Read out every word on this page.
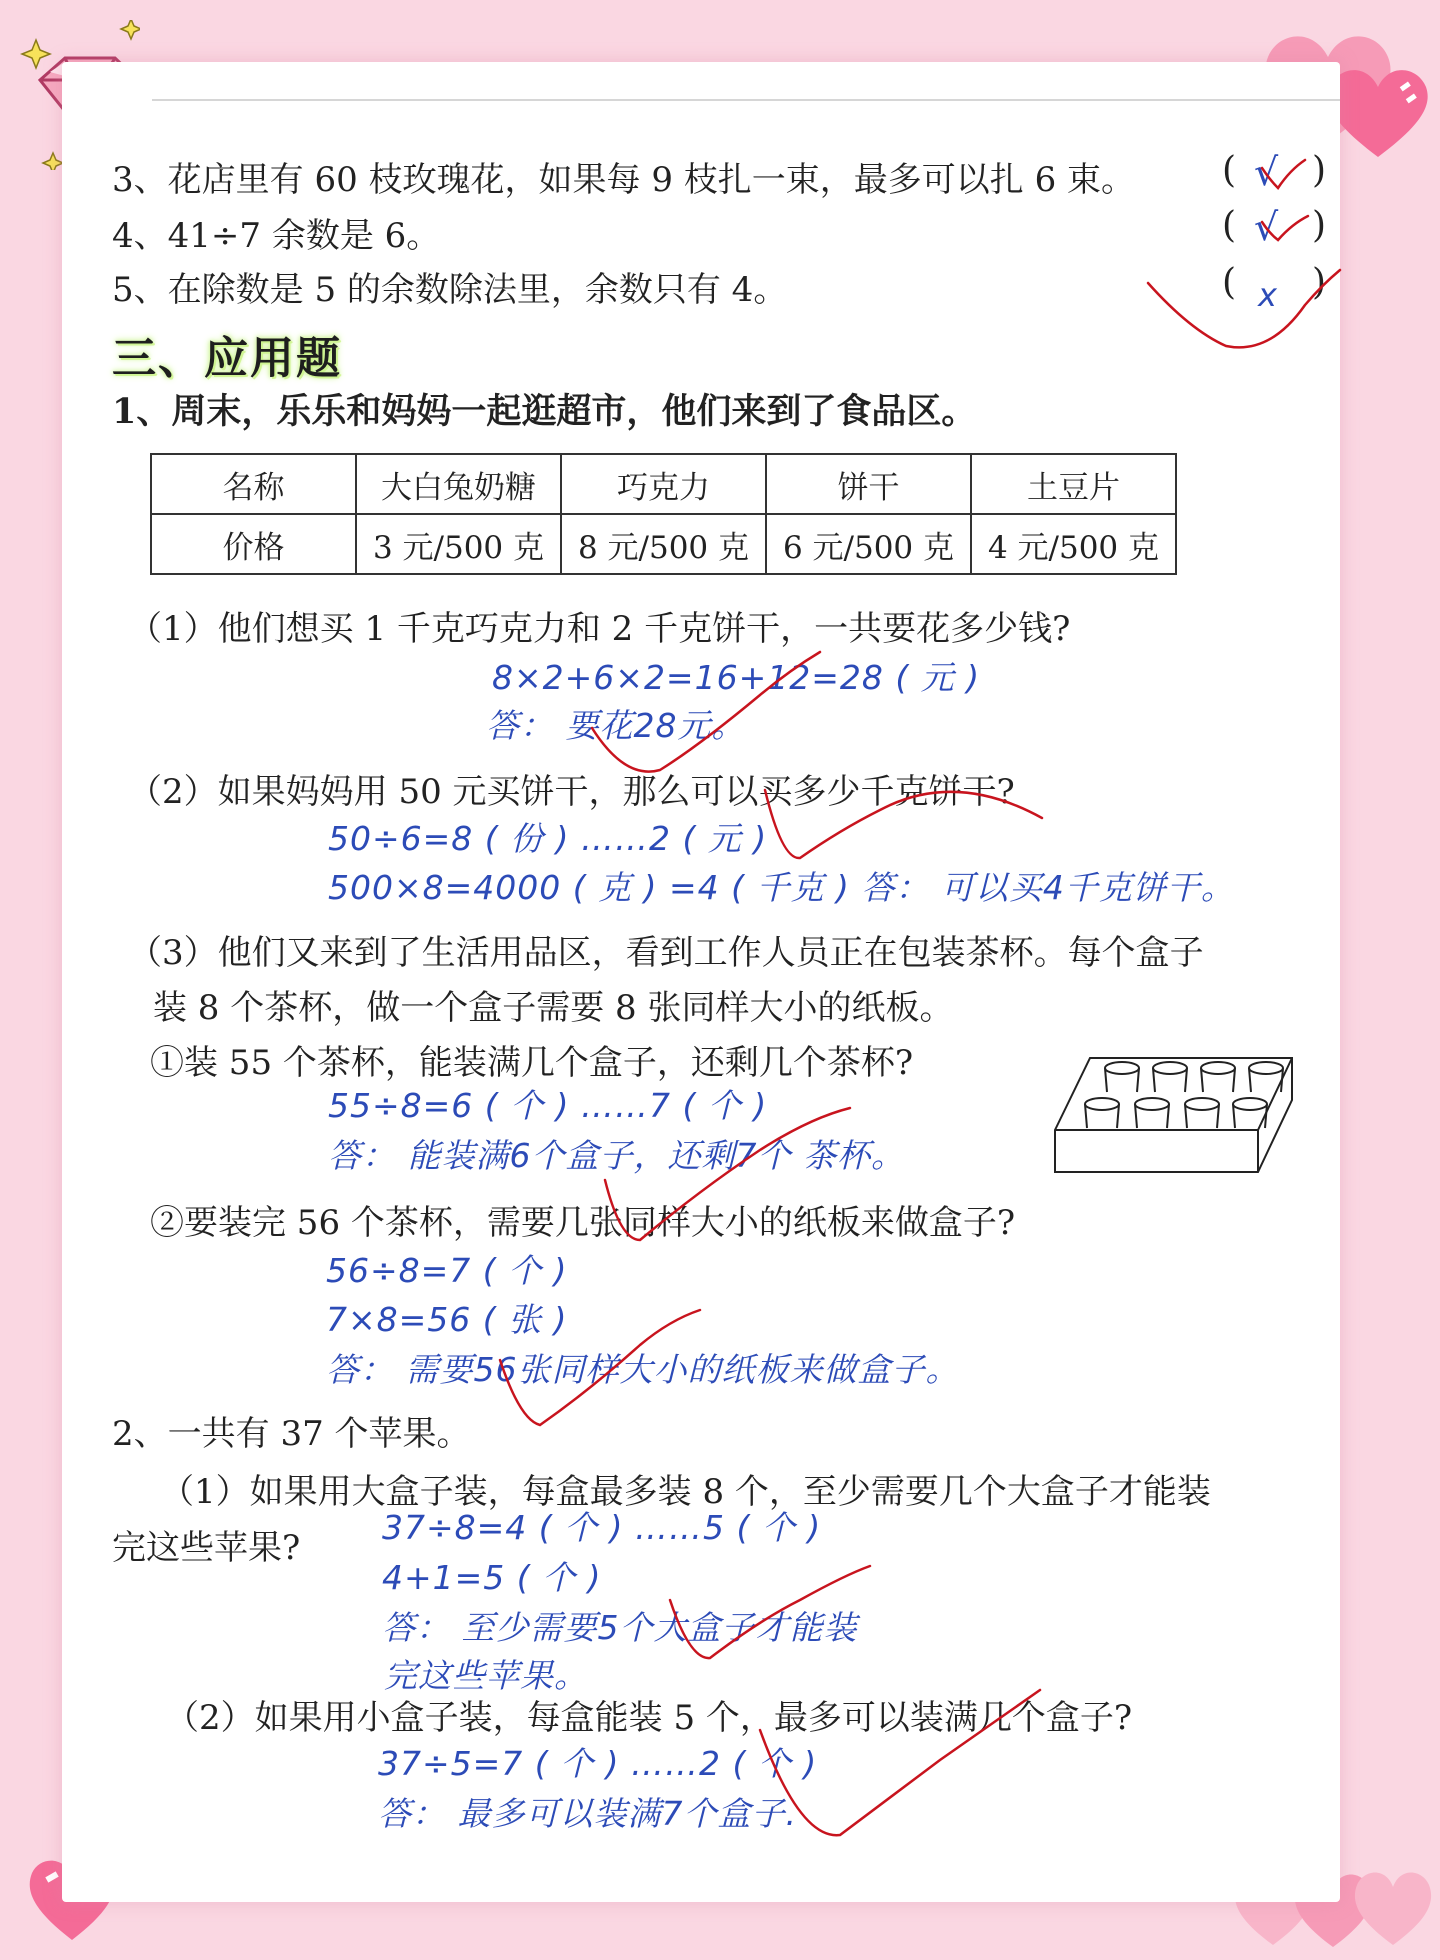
3、花店里有 60 枝玫瑰花，如果每 9 枝扎一束，最多可以扎 6 束。 ( )
√
4、41÷7 余数是 6。	( )
√
5、在除数是 5 的余数除法里，余数只有 4。	( )
x
三、应用题
1、周末，乐乐和妈妈一起逛超市，他们来到了食品区。
名称	大白兔奶糖	巧克力	饼干	土豆片
价格	3 元/500 克	8 元/500 克	6 元/500 克	4 元/500 克
（1）他们想买 1 千克巧克力和 2 千克饼干，一共要花多少钱?
8×2+6×2=16+12=28 ( 元 )
答： 要花28元。
（2）如果妈妈用 50 元买饼干，那么可以买多少千克饼干?
50÷6=8 ( 份 ) ……2 ( 元 )
500×8=4000 ( 克 ) =4 ( 千克 ) 答： 可以买4千克饼干。
（3）他们又来到了生活用品区，看到工作人员正在包装茶杯。每个盒子
装 8 个茶杯，做一个盒子需要 8 张同样大小的纸板。
①装 55 个茶杯，能装满几个盒子，还剩几个茶杯?
55÷8=6 ( 个 ) ……7 ( 个 )
答： 能装满6个盒子，还剩7个 茶杯。
②要装完 56 个茶杯，需要几张同样大小的纸板来做盒子?
56÷8=7 ( 个 )
7×8=56 ( 张 )
答： 需要56张同样大小的纸板来做盒子。
2、一共有 37 个苹果。
（1）如果用大盒子装，每盒最多装 8 个，至少需要几个大盒子才能装
完这些苹果?
37÷8=4 ( 个 ) ……5 ( 个 )
4+1=5 ( 个 )
答： 至少需要5个大盒子才能装
完这些苹果。
（2）如果用小盒子装，每盒能装 5 个，最多可以装满几个盒子?
37÷5=7 ( 个 ) ……2 ( 个 )
答： 最多可以装满7个盒子.
